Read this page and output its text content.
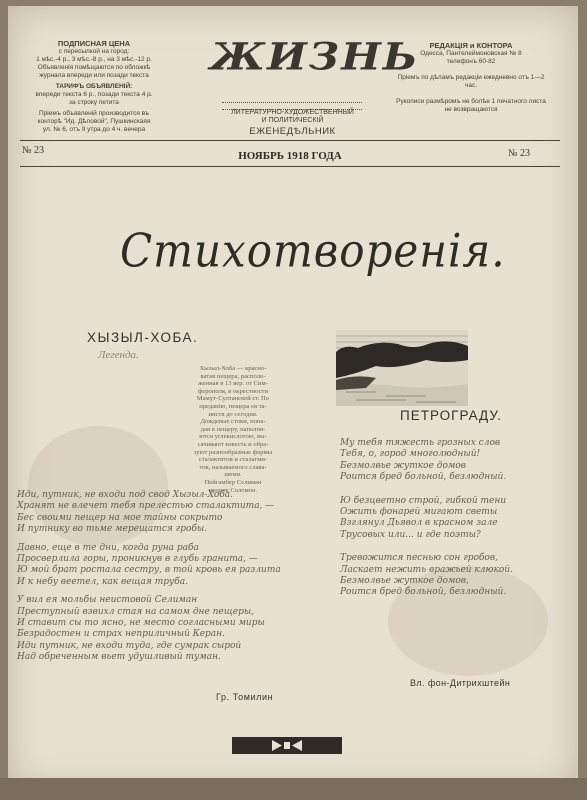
ПОДПИСНАЯ ЦЕНА
с пересылкой на город:
1 мѣс.-4 р., 3 мѣс.-8 р., на 3 мѣс.-12 р.
Объявленія помѣщаются по обложкѣ
журнала впереди или позади текста
ТАРИФЪ ОБЪЯВЛЕНІЙ:
впереди текста 6 р., позади текста 4 р.
за строку петита
Пріемъ объявленій производится въ
конторѣ "Ид. Дѣловой", Пушкинскаяя
ул. № 6, отъ 9 утра до 4 ч. вечера
ЖИЗНЬ
ЛИТЕРАТУРНО-ХУДОЖЕСТВЕННЫЙ
И ПОЛИТИЧЕСКІЙ
ЕЖЕНЕДѢЛЬНИК
РЕДАКЦІЯ и КОНТОРА
Одесса, Пантелеймоновская № 8
телефонъ 60-82
Пріемъ по дѣламъ редакціи ежедневно отъ 1—2 час.
Рукописи размѣромъ не болѣе 1 печатного листа не возвращаются
№ 23	НОЯБРЬ 1918 ГОДА	№ 23
Стихотворенія.
ХЫЗЫЛ-ХОБА.
Легенда.
Хызыл-Хоба — красно-
ватая пещера, располо-
женная в 13 вер. от Сим-
ферополя, в окрестности
Мамут-Султанской ст. По
преданію, пещера ея та-
инств до сегодня.
Дождевые стоки, попа-
дая в пещеру, наполня-
ются углекислотою, вы-
сачивают известь и обра-
зуют разнообразные формы
сталактитов и сталагми-
тов, называемого слава-
шеми.
Пейгамбер Селиман
пророк Соломон.
Иди, путник, не входи под свод Хызыл-Хоба.
Хранят не влечет тебя прелестью сталактита, —
Бес своими пещер на мое тайны сокрыто
И путнику во тьме мерещатся гробы.
Давно, еще в те дни, когда руна раба
Просверлила горы, проникнув в глубь гранита, —
Ю мой брат ростала сестру, в той кровь ея разлита
И к небу веетел, как вещая труба.
У вил ея мольбы неистовой Селиман
Преступный взвихл стая на самом дне пещеры,
И ставит сы то ясно, не место согласными миры
Безрадостен и страх неприличный Керан.
Иди путник, не входи туда, где сумрак сырой
Над обреченным вьет удушливый туман.
Гр. Томилин
ПЕТРОГРАДУ.
Му тебя тяжесть грозных слов
Тебя, о, город многолюдный!
Безмолвье жуткое домов
Роится бред больной, безлюдный.
Ю безцветно строй, гибкой тени
Ожить фонарей мигают светы
Взглянул Дьявол в красном зале
Трусовых или... и где поэты?
Тревожится песнью сон гробов,
Ласкает нежить вражьей клюкой.
Безмолвье жуткое домов,
Роится бред больной, безлюдный.
Вл. фон-Дитрихштейн
